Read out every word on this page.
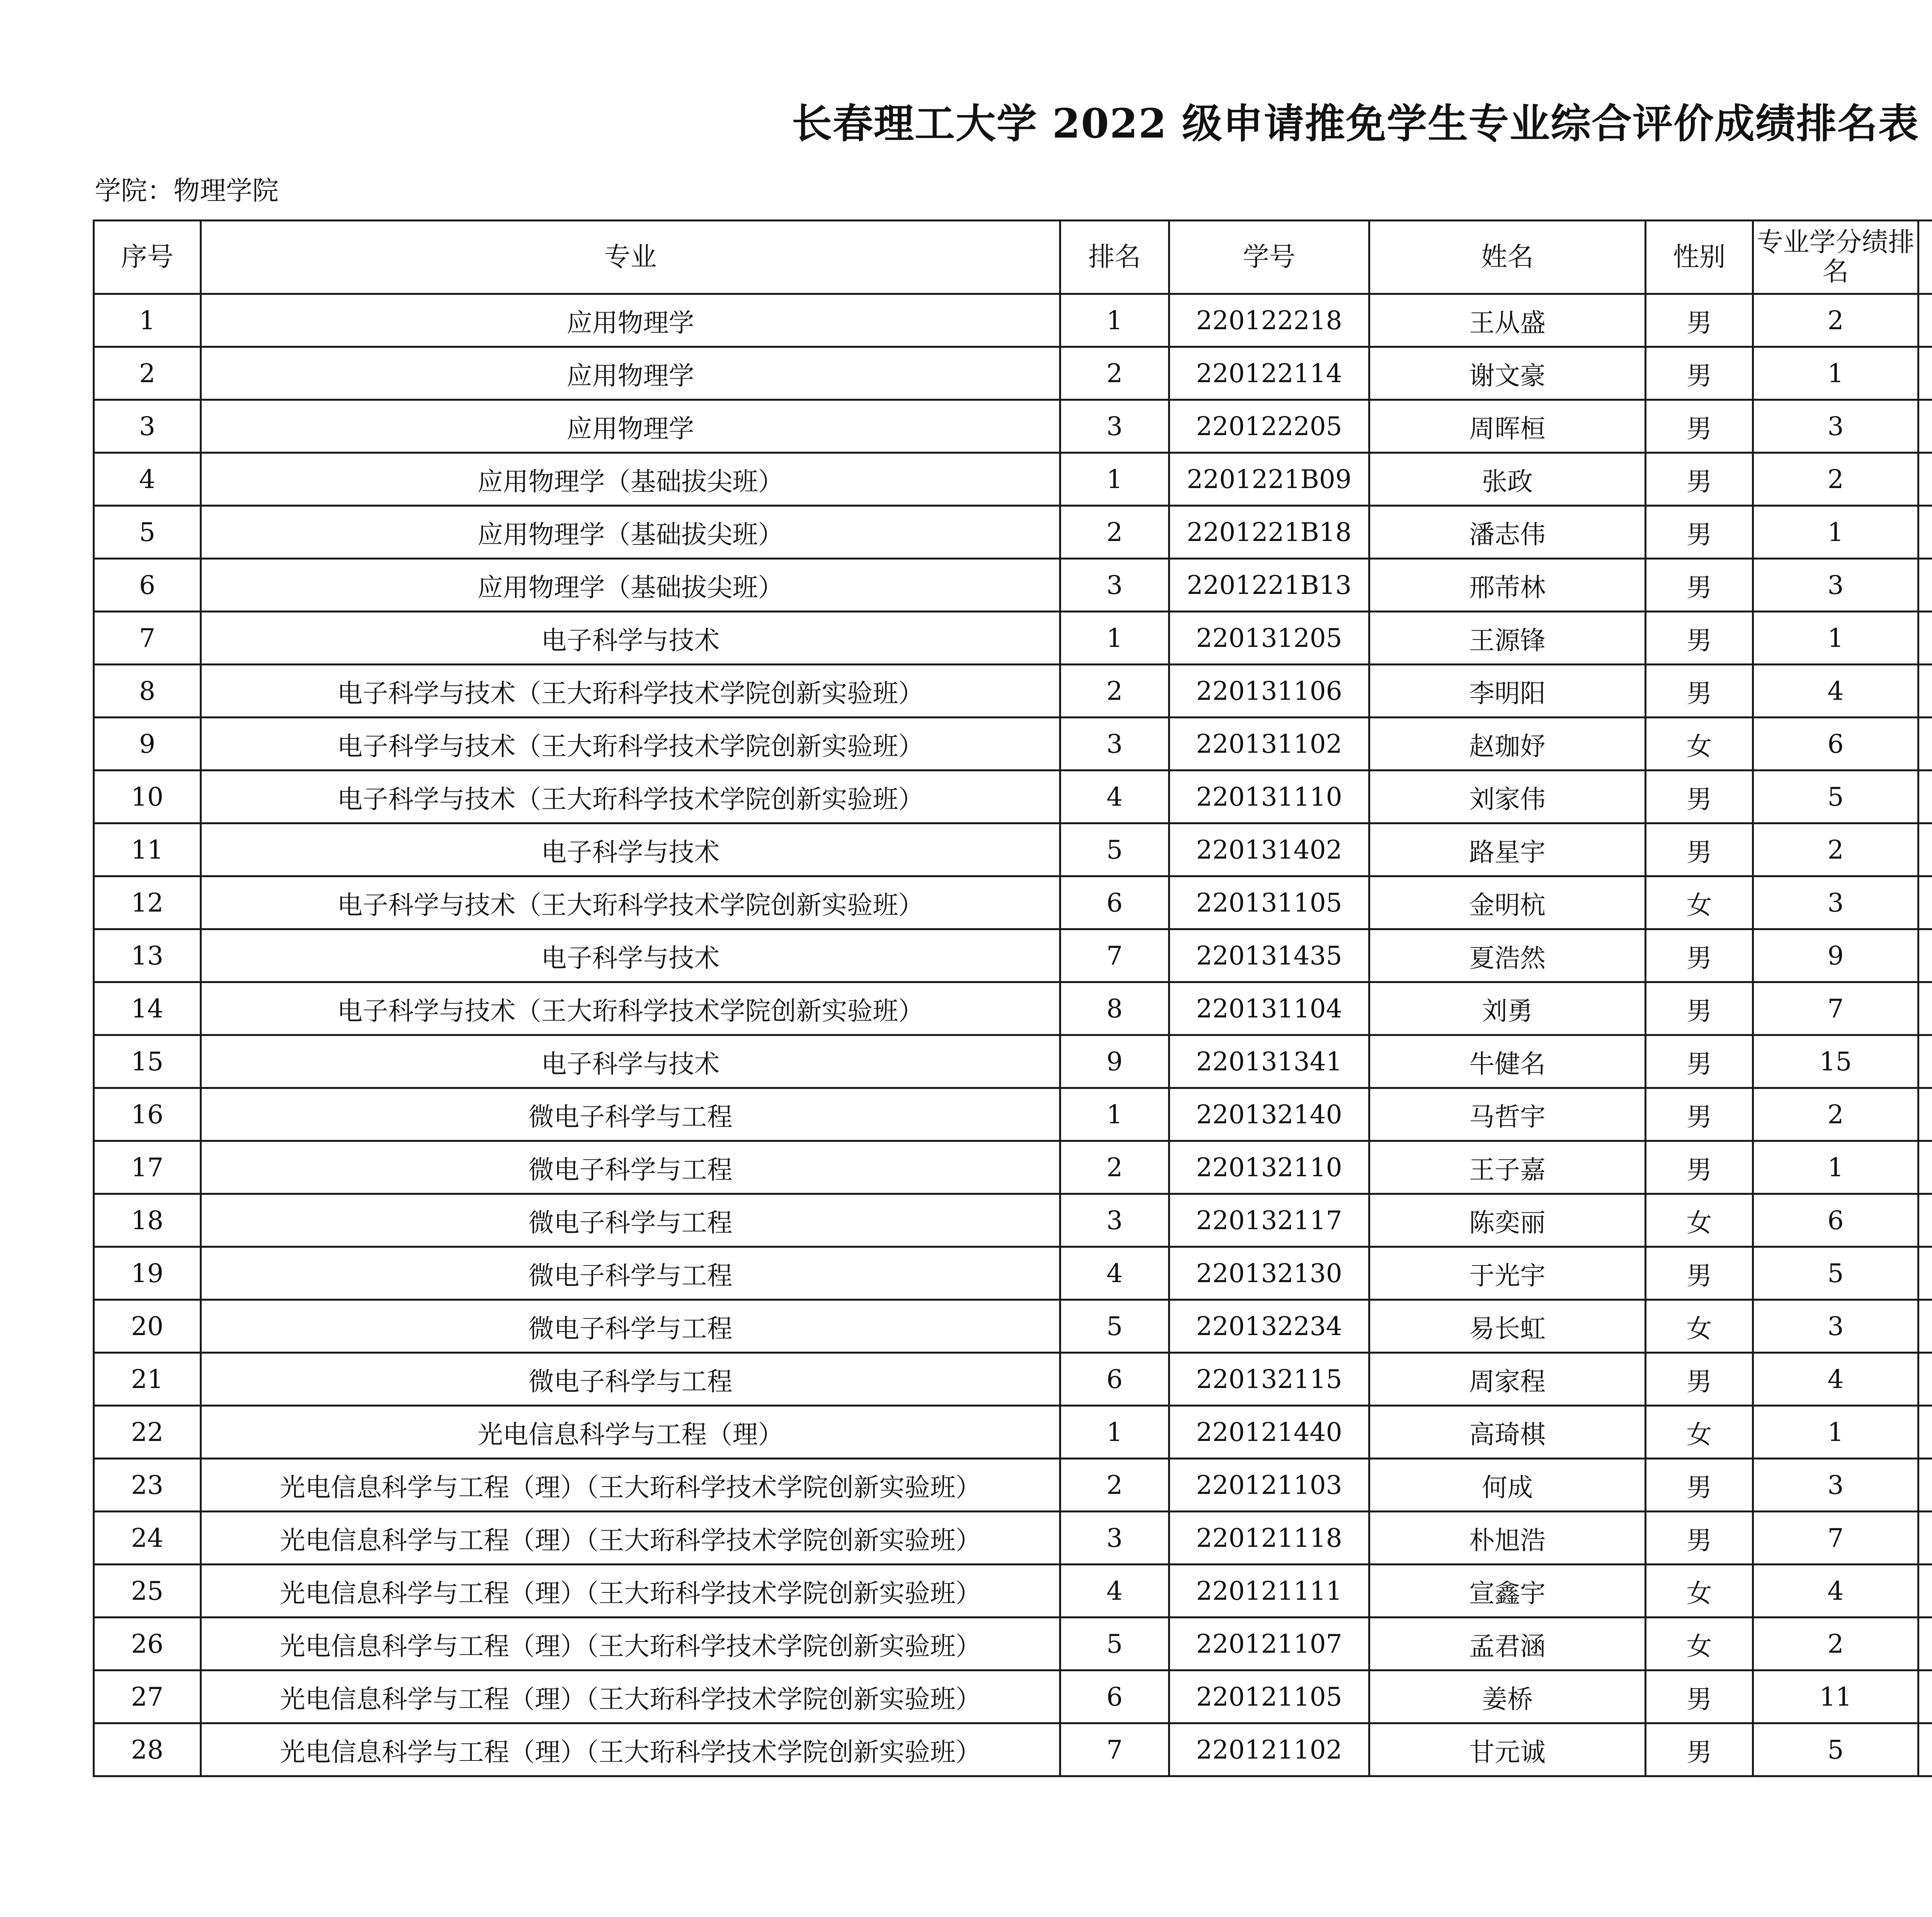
长春理工大学 2022 级申请推免学生专业综合评价成绩排名表
学院：物理学院
序号	专业	排名	学号	姓名	性别	专业学分绩排名				
1	应用物理学	1	220122218	王从盛	男	2				
2	应用物理学	2	220122114	谢文豪	男	1				
3	应用物理学	3	220122205	周晖桓	男	3				
4	应用物理学（基础拔尖班）	1	2201221B09	张政	男	2				
5	应用物理学（基础拔尖班）	2	2201221B18	潘志伟	男	1				
6	应用物理学（基础拔尖班）	3	2201221B13	邢芾林	男	3				
7	电子科学与技术	1	220131205	王源锋	男	1				
8	电子科学与技术（王大珩科学技术学院创新实验班）	2	220131106	李明阳	男	4				
9	电子科学与技术（王大珩科学技术学院创新实验班）	3	220131102	赵珈妤	女	6				
10	电子科学与技术（王大珩科学技术学院创新实验班）	4	220131110	刘家伟	男	5				
11	电子科学与技术	5	220131402	路星宇	男	2				
12	电子科学与技术（王大珩科学技术学院创新实验班）	6	220131105	金明杭	女	3				
13	电子科学与技术	7	220131435	夏浩然	男	9				
14	电子科学与技术（王大珩科学技术学院创新实验班）	8	220131104	刘勇	男	7				
15	电子科学与技术	9	220131341	牛健名	男	15				
16	微电子科学与工程	1	220132140	马哲宇	男	2				
17	微电子科学与工程	2	220132110	王子嘉	男	1				
18	微电子科学与工程	3	220132117	陈奕丽	女	6				
19	微电子科学与工程	4	220132130	于光宇	男	5				
20	微电子科学与工程	5	220132234	易长虹	女	3				
21	微电子科学与工程	6	220132115	周家程	男	4				
22	光电信息科学与工程（理）	1	220121440	高琦棋	女	1				
23	光电信息科学与工程（理）（王大珩科学技术学院创新实验班）	2	220121103	何成	男	3				
24	光电信息科学与工程（理）（王大珩科学技术学院创新实验班）	3	220121118	朴旭浩	男	7				
25	光电信息科学与工程（理）（王大珩科学技术学院创新实验班）	4	220121111	宣鑫宇	女	4				
26	光电信息科学与工程（理）（王大珩科学技术学院创新实验班）	5	220121107	孟君涵	女	2				
27	光电信息科学与工程（理）（王大珩科学技术学院创新实验班）	6	220121105	姜桥	男	11				
28	光电信息科学与工程（理）（王大珩科学技术学院创新实验班）	7	220121102	甘元诚	男	5				
